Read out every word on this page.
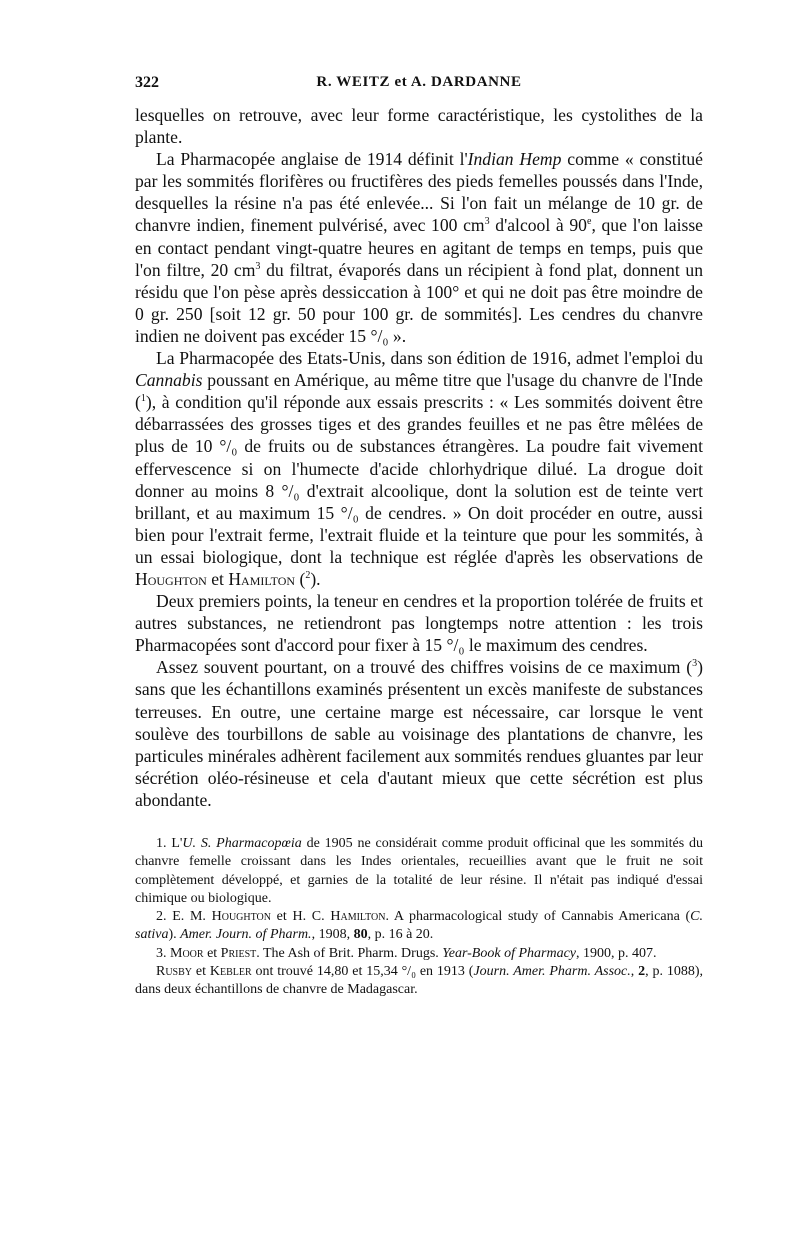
322	R. WEITZ et A. DARDANNE

lesquelles on retrouve, avec leur forme caractéristique, les cystolithes de la plante.

La Pharmacopée anglaise de 1914 définit l'Indian Hemp comme « constitué par les sommités florifères ou fructifères des pieds femelles poussés dans l'Inde, desquelles la résine n'a pas été enlevée... Si l'on fait un mélange de 10 gr. de chanvre indien, finement pulvérisé, avec 100 $cm^3$ d'alcool à 90e, que l'on laisse en contact pendant vingt-quatre heures en agitant de temps en temps, puis que l'on filtre, 20 $cm^3$ du filtrat, évaporés dans un récipient à fond plat, donnent un résidu que l'on pèse après dessiccation à 100° et qui ne doit pas être moindre de 0 gr. 250 [soit 12 gr. 50 pour 100 gr. de sommités]. Les cendres du chanvre indien ne doivent pas excéder 15 °/₀ ».

La Pharmacopée des Etats-Unis, dans son édition de 1916, admet l'emploi du Cannabis poussant en Amérique, au même titre que l'usage du chanvre de l'Inde ($^1$), à condition qu'il réponde aux essais prescrits : « Les sommités doivent être débarrassées des grosses tiges et des grandes feuilles et ne pas être mêlées de plus de 10 °/₀ de fruits ou de substances étrangères. La poudre fait vivement effervescence si on l'humecte d'acide chlorhydrique dilué. La drogue doit donner au moins 8 °/₀ d'extrait alcoolique, dont la solution est de teinte vert brillant, et au maximum 15 °/₀ de cendres. » On doit procéder en outre, aussi bien pour l'extrait ferme, l'extrait fluide et la teinture que pour les sommités, à un essai biologique, dont la technique est réglée d'après les observations de Houghton et Hamilton ($^2$).

Deux premiers points, la teneur en cendres et la proportion tolérée de fruits et autres substances, ne retiendront pas longtemps notre attention : les trois Pharmacopées sont d'accord pour fixer à 15 °/₀ le maximum des cendres.

Assez souvent pourtant, on a trouvé des chiffres voisins de ce maximum ($^3$) sans que les échantillons examinés présentent un excès manifeste de substances terreuses. En outre, une certaine marge est nécessaire, car lorsque le vent soulève des tourbillons de sable au voisinage des plantations de chanvre, les particules minérales adhèrent facilement aux sommités rendues gluantes par leur sécrétion oléo-résineuse et cela d'autant mieux que cette sécrétion est plus abondante.

1. L'U. S. Pharmacopœia de 1905 ne considérait comme produit officinal que les sommités du chanvre femelle croissant dans les Indes orientales, recueillies avant que le fruit ne soit complètement développé, et garnies de la totalité de leur résine. Il n'était pas indiqué d'essai chimique ou biologique.

2. E. M. Houghton et H. C. Hamilton. A pharmacological study of Cannabis Americana (C. sativa). Amer. Journ. of Pharm., 1908, 80, p. 16 à 20.

3. Moor et Priest. The Ash of Brit. Pharm. Drugs. Year-Book of Pharmacy, 1900, p. 407.

Rusby et Kebler ont trouvé 14,80 et 15,34 °/₀ en 1913 (Journ. Amer. Pharm. Assoc., 2, p. 1088), dans deux échantillons de chanvre de Madagascar.
